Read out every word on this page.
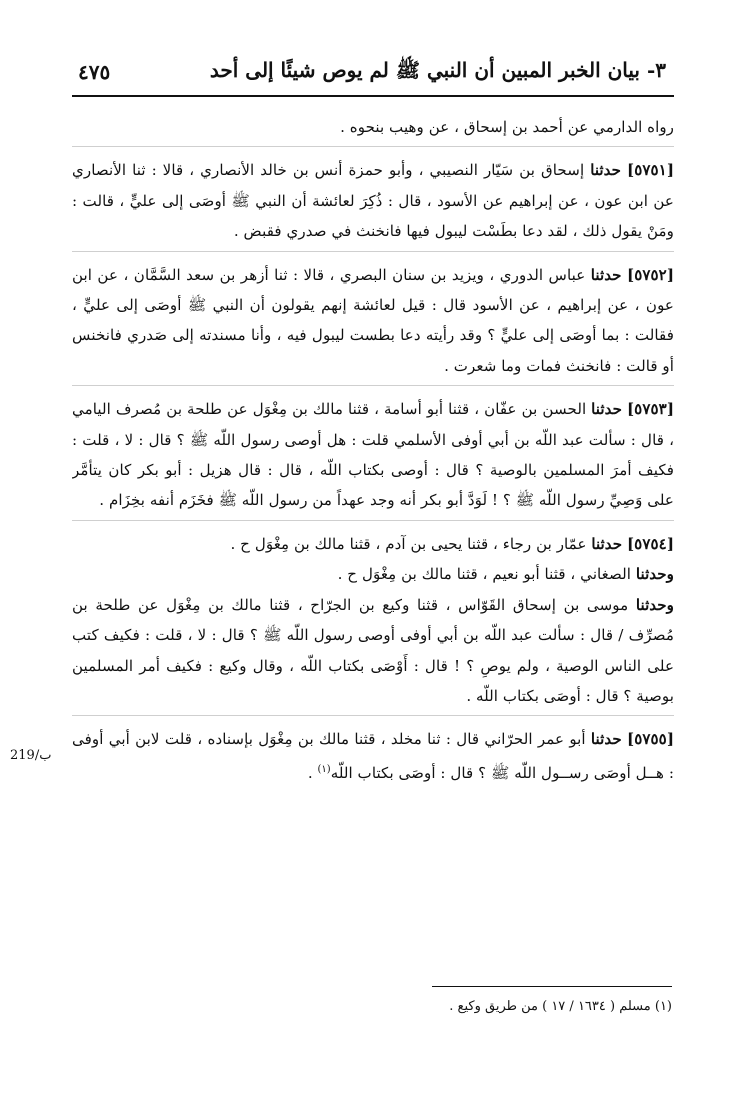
٣- بيان الخبر المبين أن النبي ﷺ لم يوص شيئًا إلى أحد
٤٧٥
ب/219

رواه الدارمي عن أحمد بن إسحاق ، عن وهيب بنحوه .

[٥٧٥١] حدثنا إسحاق بن سَيّار النصيبي ، وأبو حمزة أنس بن خالد الأنصاري ، قالا : ثنا الأنصاري عن ابن عون ، عن إبراهيم عن الأسود ، قال : ذُكِرَ لعائشة أن النبي ﷺ أوصَى إلى عليٍّ ، قالت : ومَنْ يقول ذلك ، لقد دعا بطَسْت ليبول فيها فانخنث في صدري فقبض .

[٥٧٥٢] حدثنا عباس الدوري ، ويزيد بن سنان البصري ، قالا : ثنا أزهر بن سعد السَّمَّان ، عن ابن عون ، عن إبراهيم ، عن الأسود قال : قيل لعائشة إنهم يقولون أن النبي ﷺ أوصَى إلى عليٍّ ، فقالت : بما أوصَى إلى عليٍّ ؟ وقد رأيته دعا بطست ليبول فيه ، وأنا مسندته إلى صَدري فانخنس أو قالت : فانخنث فمات وما شعرت .

[٥٧٥٣] حدثنا الحسن بن عفّان ، قثنا أبو أسامة ، قثنا مالك بن مِغْوَل عن طلحة بن مُصرف اليامي ، قال : سألت عبد اللّه بن أبي أوفى الأسلمي قلت : هل أوصى رسول اللّه ﷺ ؟ قال : لا ، قلت : فكيف أمرَ المسلمين بالوصية ؟ قال : أوصى بكتاب اللّه ، قال : قال هزيل : أبو بكر كان يتأمَّر على وَصِيِّ رسول اللّه ﷺ ؟ ! لَوَدَّ أبو بكر أنه وجد عهداً من رسول اللّه ﷺ فخَزَم أنفه بخِزَام .

[٥٧٥٤] حدثنا عمّار بن رجاء ، قثنا يحيى بن آدم ، قثنا مالك بن مِغْوَل ح .

وحدثنا الصغاني ، قثنا أبو نعيم ، قثنا مالك بن مِغْوَل ح .

وحدثنا موسى بن إسحاق القَوّاس ، قثنا وكيع بن الجرّاح ، قثنا مالك بن مِغْوَل عن طلحة بن مُصرِّف / قال : سألت عبد اللّه بن أبي أوفى أوصى رسول اللّه ﷺ ؟ قال : لا ، قلت : فكيف كتب على الناس الوصية ، ولم يوصِ ؟ ! قال : أَوْصَى بكتاب اللّه ، وقال وكيع : فكيف أمر المسلمين بوصية ؟ قال : أوصَى بكتاب اللّه .

[٥٧٥٥] حدثنا أبو عمر الحرّاني قال : ثنا مخلد ، قثنا مالك بن مِغْوَل بإسناده ، قلت لابن أبي أوفى : هــل أوصَى رســول اللّه ﷺ ؟ قال : أوصَى بكتاب اللّه$^{(١)}$ .

(١) مسلم ( ١٦٣٤ / ١٧ ) من طريق وكيع .
